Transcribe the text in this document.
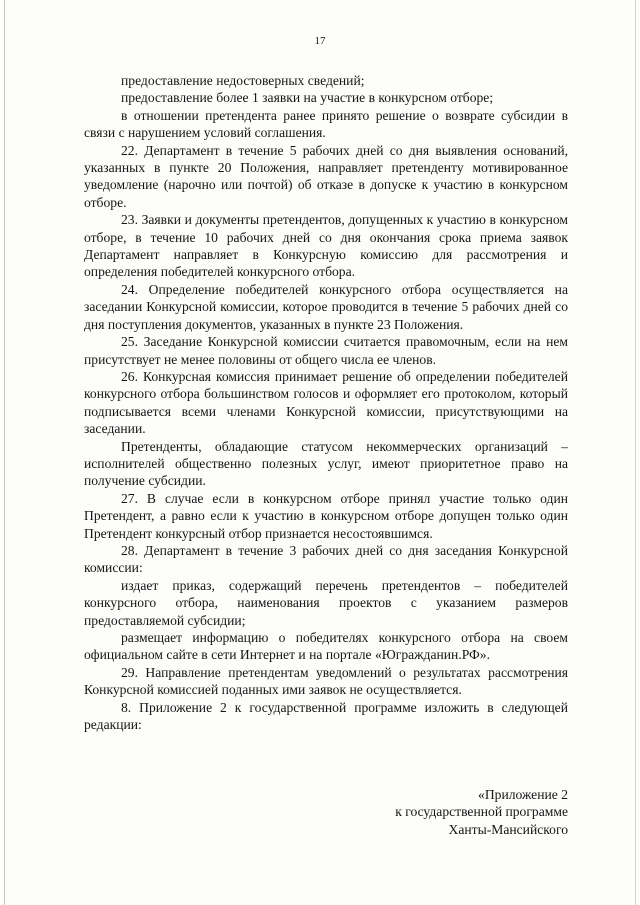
17

предоставление недостоверных сведений;

предоставление более 1 заявки на участие в конкурсном отборе;

в отношении претендента ранее принято решение о возврате субсидии в связи с нарушением условий соглашения.

22. Департамент в течение 5 рабочих дней со дня выявления оснований, указанных в пункте 20 Положения, направляет претенденту мотивированное уведомление (нарочно или почтой) об отказе в допуске к участию в конкурсном отборе.

23. Заявки и документы претендентов, допущенных к участию в конкурсном отборе, в течение 10 рабочих дней со дня окончания срока приема заявок Департамент направляет в Конкурсную комиссию для рассмотрения и определения победителей конкурсного отбора.

24. Определение победителей конкурсного отбора осуществляется на заседании Конкурсной комиссии, которое проводится в течение 5 рабочих дней со дня поступления документов, указанных в пункте 23 Положения.

25. Заседание Конкурсной комиссии считается правомочным, если на нем присутствует не менее половины от общего числа ее членов.

26. Конкурсная комиссия принимает решение об определении победителей конкурсного отбора большинством голосов и оформляет его протоколом, который подписывается всеми членами Конкурсной комиссии, присутствующими на заседании.

Претенденты, обладающие статусом некоммерческих организаций – исполнителей общественно полезных услуг, имеют приоритетное право на получение субсидии.

27. В случае если в конкурсном отборе принял участие только один Претендент, а равно если к участию в конкурсном отборе допущен только один Претендент конкурсный отбор признается несостоявшимся.

28. Департамент в течение 3 рабочих дней со дня заседания Конкурсной комиссии:

издает приказ, содержащий перечень претендентов – победителей конкурсного отбора, наименования проектов с указанием размеров предоставляемой субсидии;

размещает информацию о победителях конкурсного отбора на своем официальном сайте в сети Интернет и на портале «Югражданин.РФ».

29. Направление претендентам уведомлений о результатах рассмотрения Конкурсной комиссией поданных ими заявок не осуществляется.

8. Приложение 2 к государственной программе изложить в следующей редакции:

«Приложение 2
к государственной программе
Ханты-Мансийского
